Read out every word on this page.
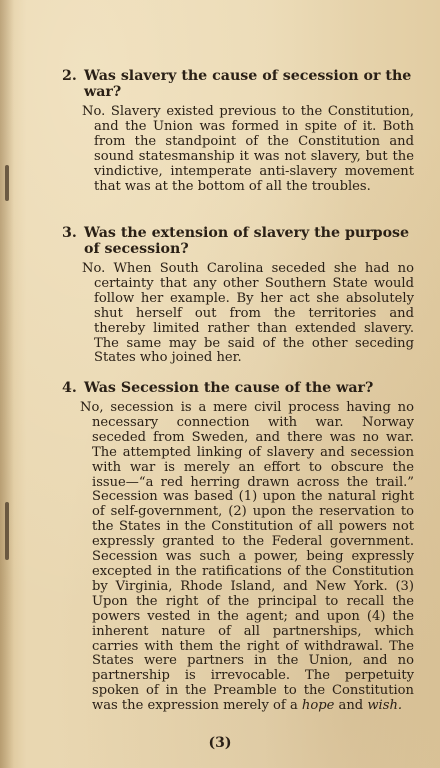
2. Was slavery the cause of secession or the war?

No. Slavery existed previous to the Constitution, and the Union was formed in spite of it. Both from the standpoint of the Constitution and sound statesmanship it was not slavery, but the vindictive, intemperate anti-slavery movement that was at the bottom of all the troubles.

3. Was the extension of slavery the purpose of secession?

No. When South Carolina seceded she had no certainty that any other Southern State would follow her example. By her act she absolutely shut herself out from the territories and thereby limited rather than extended slavery. The same may be said of the other seceding States who joined her.

4. Was Secession the cause of the war?

No, secession is a mere civil process having no necessary connection with war. Norway seceded from Sweden, and there was no war. The attempted linking of slavery and secession with war is merely an effort to obscure the issue—“a red herring drawn across the trail.” Secession was based (1) upon the natural right of self-government, (2) upon the reservation to the States in the Constitution of all powers not expressly granted to the Federal government. Secession was such a power, being expressly excepted in the ratifications of the Constitution by Virginia, Rhode Island, and New York. (3) Upon the right of the principal to recall the powers vested in the agent; and upon (4) the inherent nature of all partnerships, which carries with them the right of withdrawal. The States were partners in the Union, and no partnership is irrevocable. The perpetuity spoken of in the Preamble to the Constitution was the expression merely of a hope and wish.

(3)
